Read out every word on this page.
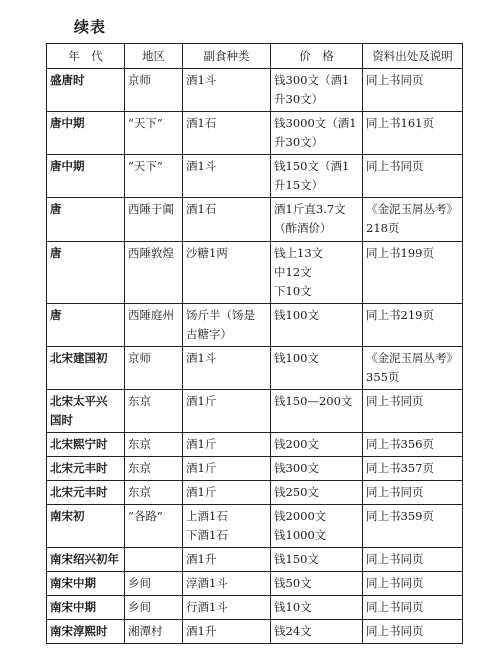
续表
年　代	地区	副食种类	价　格	资料出处及说明

盛唐时	京师	酒1斗	钱300文（酒1
升30文）	同上书同页

唐中期	“天下”	酒1石	钱3000文（酒1
升30文）	同上书161页

唐中期	“天下”	酒1斗	钱150文（酒1
升15文）	同上书同页

唐	西陲于阗	酒1石	酒1斤直3.7文
（酢酒价）	《金泥玉屑丛考》
218页

唐	西陲敦煌	沙糖1两	钱上13文
中12文
下10文	同上书199页

唐	西陲庭州	饧斤半（饧是
古糖字）	钱100文	同上书219页

北宋建国初	京师	酒1斗	钱100文	《金泥玉屑丛考》
355页

北宋太平兴
国时	东京	酒1斤	钱150—200文	同上书同页

北宋熙宁时	东京	酒1斤	钱200文	同上书356页

北宋元丰时	东京	酒1斤	钱300文	同上书357页

北宋元丰时	东京	酒1斤	钱250文	同上书同页

南宋初	“各路”	上酒1石
下酒1石	钱2000文
钱1000文	同上书359页

南宋绍兴初年		酒1升	钱150文	同上书同页

南宋中期	乡间	淳酒1斗	钱50文	同上书同页

南宋中期	乡间	行酒1斗	钱10文	同上书同页

南宋淳熙时	湘潭村	酒1升	钱24文	同上书同页
